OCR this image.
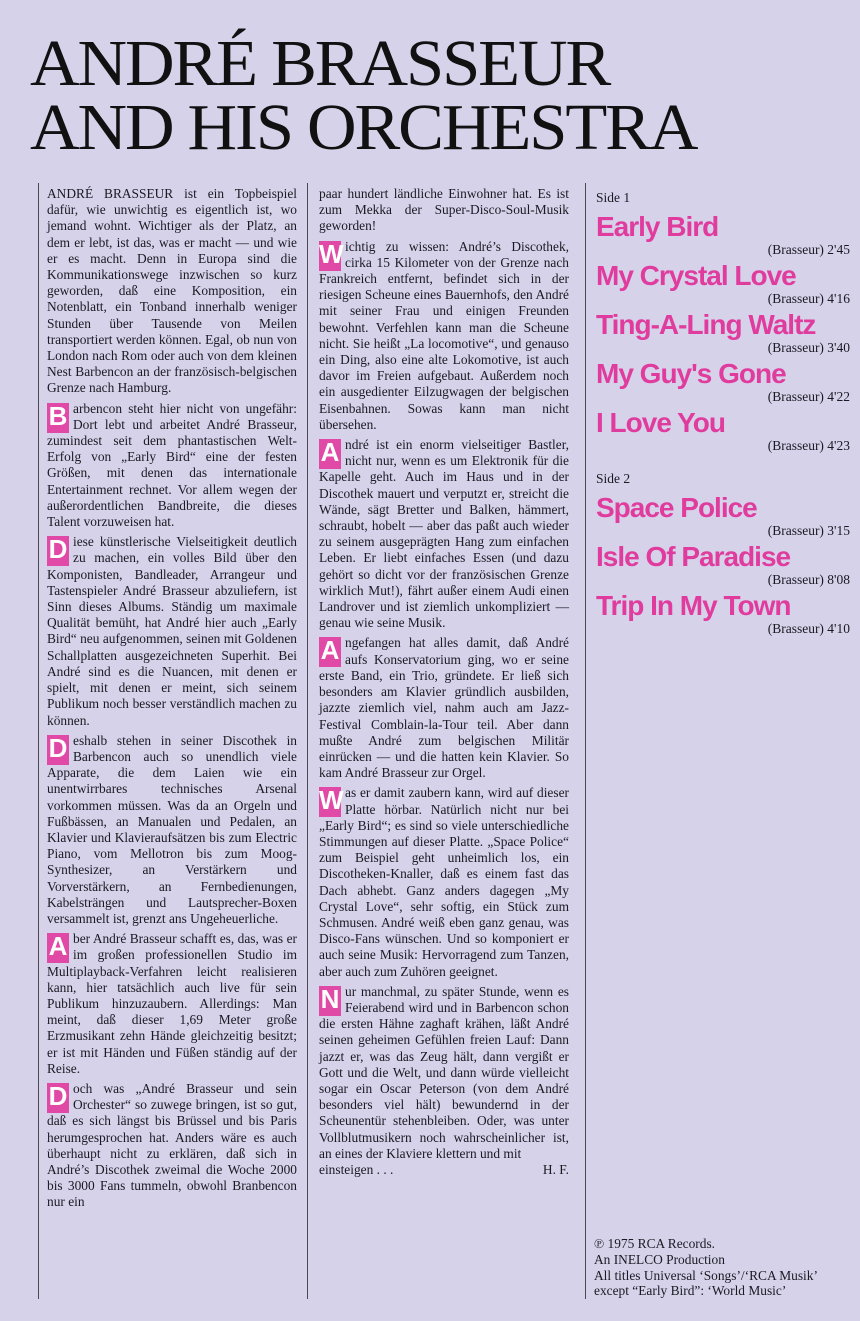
ANDRÉ BRASSEUR
AND HIS ORCHESTRA

ANDRÉ BRASSEUR ist ein Topbeispiel dafür, wie unwichtig es eigentlich ist, wo jemand wohnt. Wichtiger als der Platz, an dem er lebt, ist das, was er macht — und wie er es macht. Denn in Europa sind die Kommunikationswege inzwischen so kurz geworden, daß eine Komposition, ein Notenblatt, ein Tonband innerhalb weniger Stunden über Tausende von Meilen transportiert werden können. Egal, ob nun von London nach Rom oder auch von dem kleinen Nest Barbencon an der französisch-belgischen Grenze nach Hamburg.

B arbencon steht hier nicht von ungefähr: Dort lebt und arbeitet André Brasseur, zumindest seit dem phantastischen Welt-Erfolg von „Early Bird“ eine der festen Größen, mit denen das internationale Entertainment rechnet. Vor allem wegen der außerordentlichen Bandbreite, die dieses Talent vorzuweisen hat.

D iese künstlerische Vielseitigkeit deutlich zu machen, ein volles Bild über den Komponisten, Bandleader, Arrangeur und Tastenspieler André Brasseur abzuliefern, ist Sinn dieses Albums. Ständig um maximale Qualität bemüht, hat André hier auch „Early Bird“ neu aufgenommen, seinen mit Goldenen Schallplatten ausgezeichneten Superhit. Bei André sind es die Nuancen, mit denen er spielt, mit denen er meint, sich seinem Publikum noch besser verständlich machen zu können.

D eshalb stehen in seiner Discothek in Barbencon auch so unendlich viele Apparate, die dem Laien wie ein unentwirrbares technisches Arsenal vorkommen müssen. Was da an Orgeln und Fußbässen, an Manualen und Pedalen, an Klavier und Klavieraufsätzen bis zum Electric Piano, vom Mellotron bis zum Moog-Synthesizer, an Verstärkern und Vorverstärkern, an Fernbedienungen, Kabelsträngen und Lautsprecher-Boxen versammelt ist, grenzt ans Ungeheuerliche.

A ber André Brasseur schafft es, das, was er im großen professionellen Studio im Multiplayback-Verfahren leicht realisieren kann, hier tatsächlich auch live für sein Publikum hinzuzaubern. Allerdings: Man meint, daß dieser 1,69 Meter große Erzmusikant zehn Hände gleichzeitig besitzt; er ist mit Händen und Füßen ständig auf der Reise.

D och was „André Brasseur und sein Orchester“ so zuwege bringen, ist so gut, daß es sich längst bis Brüssel und bis Paris herumgesprochen hat. Anders wäre es auch überhaupt nicht zu erklären, daß sich in André’s Discothek zweimal die Woche 2000 bis 3000 Fans tummeln, obwohl Branbencon nur ein

paar hundert ländliche Einwohner hat. Es ist zum Mekka der Super-Disco-Soul-Musik geworden!

W ichtig zu wissen: André’s Discothek, cirka 15 Kilometer von der Grenze nach Frankreich entfernt, befindet sich in der riesigen Scheune eines Bauernhofs, den André mit seiner Frau und einigen Freunden bewohnt. Verfehlen kann man die Scheune nicht. Sie heißt „La locomotive“, und genauso ein Ding, also eine alte Lokomotive, ist auch davor im Freien aufgebaut. Außerdem noch ein ausgedienter Eilzugwagen der belgischen Eisenbahnen. Sowas kann man nicht übersehen.

A ndré ist ein enorm vielseitiger Bastler, nicht nur, wenn es um Elektronik für die Kapelle geht. Auch im Haus und in der Discothek mauert und verputzt er, streicht die Wände, sägt Bretter und Balken, hämmert, schraubt, hobelt — aber das paßt auch wieder zu seinem ausgeprägten Hang zum einfachen Leben. Er liebt einfaches Essen (und dazu gehört so dicht vor der französischen Grenze wirklich Mut!), fährt außer einem Audi einen Landrover und ist ziemlich unkompliziert — genau wie seine Musik.

A ngefangen hat alles damit, daß André aufs Konservatorium ging, wo er seine erste Band, ein Trio, gründete. Er ließ sich besonders am Klavier gründlich ausbilden, jazzte ziemlich viel, nahm auch am Jazz-Festival Comblain-la-Tour teil. Aber dann mußte André zum belgischen Militär einrücken — und die hatten kein Klavier. So kam André Brasseur zur Orgel.

W as er damit zaubern kann, wird auf dieser Platte hörbar. Natürlich nicht nur bei „Early Bird“; es sind so viele unterschiedliche Stimmungen auf dieser Platte. „Space Police“ zum Beispiel geht unheimlich los, ein Discotheken-Knaller, daß es einem fast das Dach abhebt. Ganz anders dagegen „My Crystal Love“, sehr softig, ein Stück zum Schmusen. André weiß eben ganz genau, was Disco-Fans wünschen. Und so komponiert er auch seine Musik: Hervorragend zum Tanzen, aber auch zum Zuhören geeignet.

N ur manchmal, zu später Stunde, wenn es Feierabend wird und in Barbencon schon die ersten Hähne zaghaft krähen, läßt André seinen geheimen Gefühlen freien Lauf: Dann jazzt er, was das Zeug hält, dann vergißt er Gott und die Welt, und dann würde vielleicht sogar ein Oscar Peterson (von dem André besonders viel hält) bewundernd in der Scheunentür stehenbleiben. Oder, was unter Vollblutmusikern noch wahrscheinlicher ist, an eines der Klaviere klettern und mit

einsteigen . . .	H. F.
Side 1
Early Bird
(Brasseur) 2'45
My Crystal Love
(Brasseur) 4'16
Ting-A-Ling Waltz
(Brasseur) 3'40
My Guy's Gone
(Brasseur) 4'22
I Love You
(Brasseur) 4'23
Side 2
Space Police
(Brasseur) 3'15
Isle Of Paradise
(Brasseur) 8'08
Trip In My Town
(Brasseur) 4'10
℗ 1975 RCA Records.
An INELCO Production
All titles Universal ‘Songs’/‘RCA Musik’
except “Early Bird”: ‘World Music’
